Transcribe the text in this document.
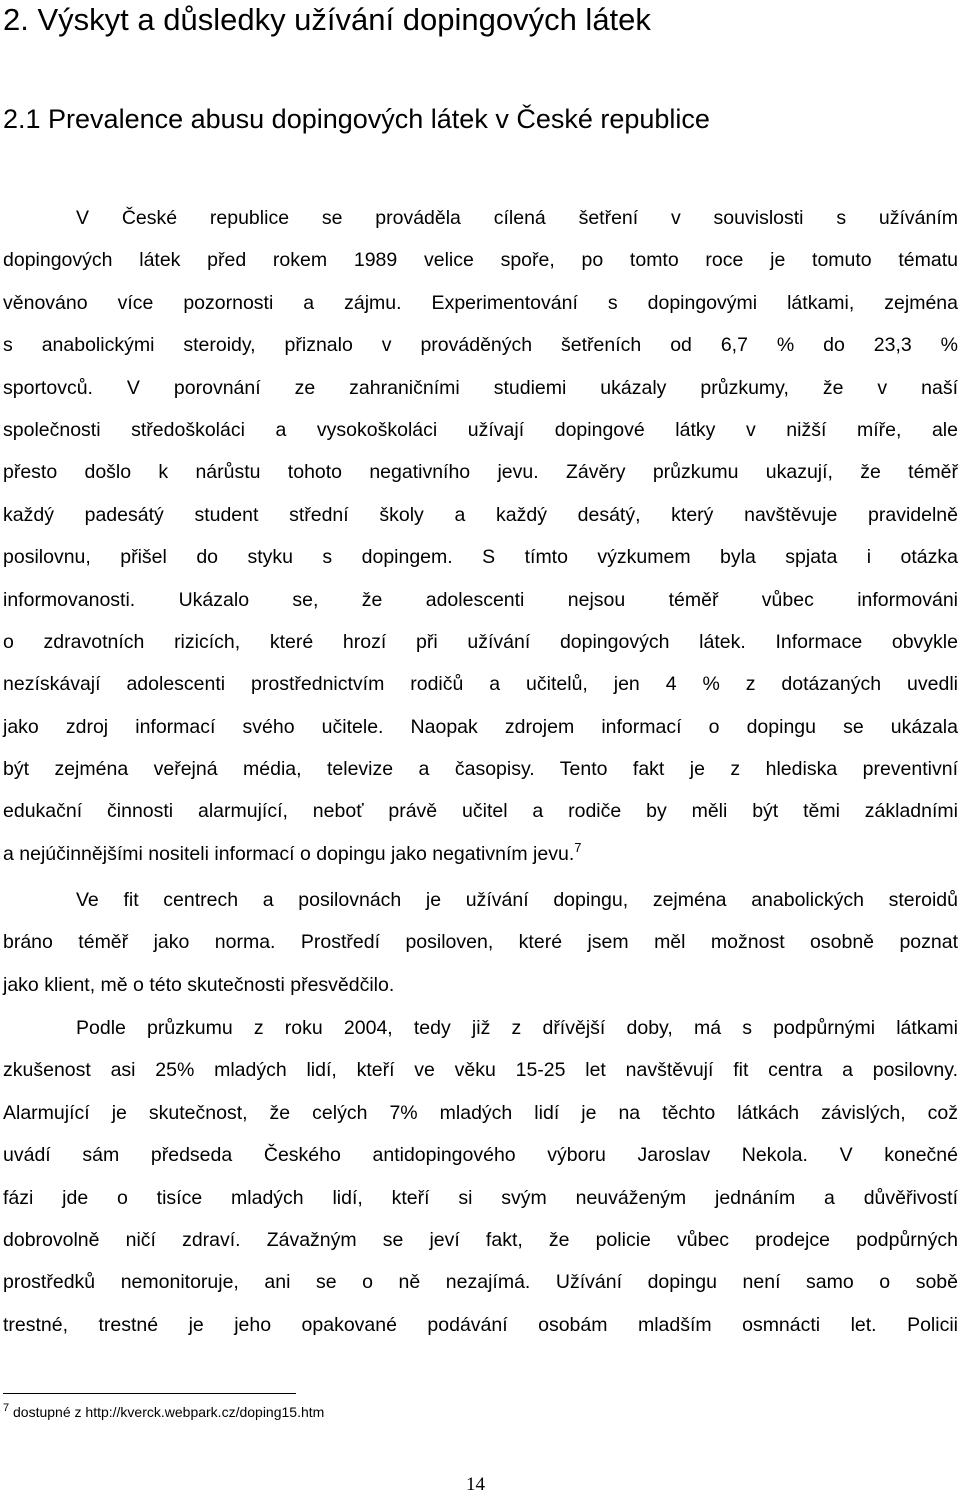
2. Výskyt a důsledky užívání dopingových látek
2.1 Prevalence abusu dopingových látek v České republice
V České republice se prováděla cílená šetření v souvislosti s užíváním
dopingových látek před rokem 1989 velice spoře, po tomto roce je tomuto tématu
věnováno více pozornosti a zájmu. Experimentování s dopingovými látkami, zejména
s anabolickými steroidy, přiznalo v prováděných šetřeních od 6,7 % do 23,3 %
sportovců. V porovnání ze zahraničními studiemi ukázaly průzkumy, že v naší
společnosti středoškoláci a vysokoškoláci užívají dopingové látky v nižší míře, ale
přesto došlo k nárůstu tohoto negativního jevu. Závěry průzkumu ukazují, že téměř
každý padesátý student střední školy a každý desátý, který navštěvuje pravidelně
posilovnu, přišel do styku s dopingem. S tímto výzkumem byla spjata i otázka
informovanosti. Ukázalo se, že adolescenti nejsou téměř vůbec informováni
o zdravotních rizicích, které hrozí při užívání dopingových látek. Informace obvykle
nezískávají adolescenti prostřednictvím rodičů a učitelů, jen 4 % z dotázaných uvedli
jako zdroj informací svého učitele. Naopak zdrojem informací o dopingu se ukázala
být zejména veřejná média, televize a časopisy. Tento fakt je z hlediska preventivní
edukační činnosti alarmující, neboť právě učitel a rodiče by měli být těmi základními
a nejúčinnějšími nositeli informací o dopingu jako negativním jevu.$^7$
Ve fit centrech a posilovnách je užívání dopingu, zejména anabolických steroidů
bráno téměř jako norma. Prostředí posiloven, které jsem měl možnost osobně poznat
jako klient, mě o této skutečnosti přesvědčilo.
Podle průzkumu z roku 2004, tedy již z dřívější doby, má s podpůrnými látkami
zkušenost asi 25% mladých lidí, kteří ve věku 15-25 let navštěvují fit centra a posilovny.
Alarmující je skutečnost, že celých 7% mladých lidí je na těchto látkách závislých, což
uvádí sám předseda Českého antidopingového výboru Jaroslav Nekola. V konečné
fázi jde o tisíce mladých lidí, kteří si svým neuváženým jednáním a důvěřivostí
dobrovolně ničí zdraví. Závažným se jeví fakt, že policie vůbec prodejce podpůrných
prostředků nemonitoruje, ani se o ně nezajímá. Užívání dopingu není samo o sobě
trestné, trestné je jeho opakované podávání osobám mladším osmnácti let. Policii
$^7$ dostupné z http://kverck.webpark.cz/doping15.htm
14
